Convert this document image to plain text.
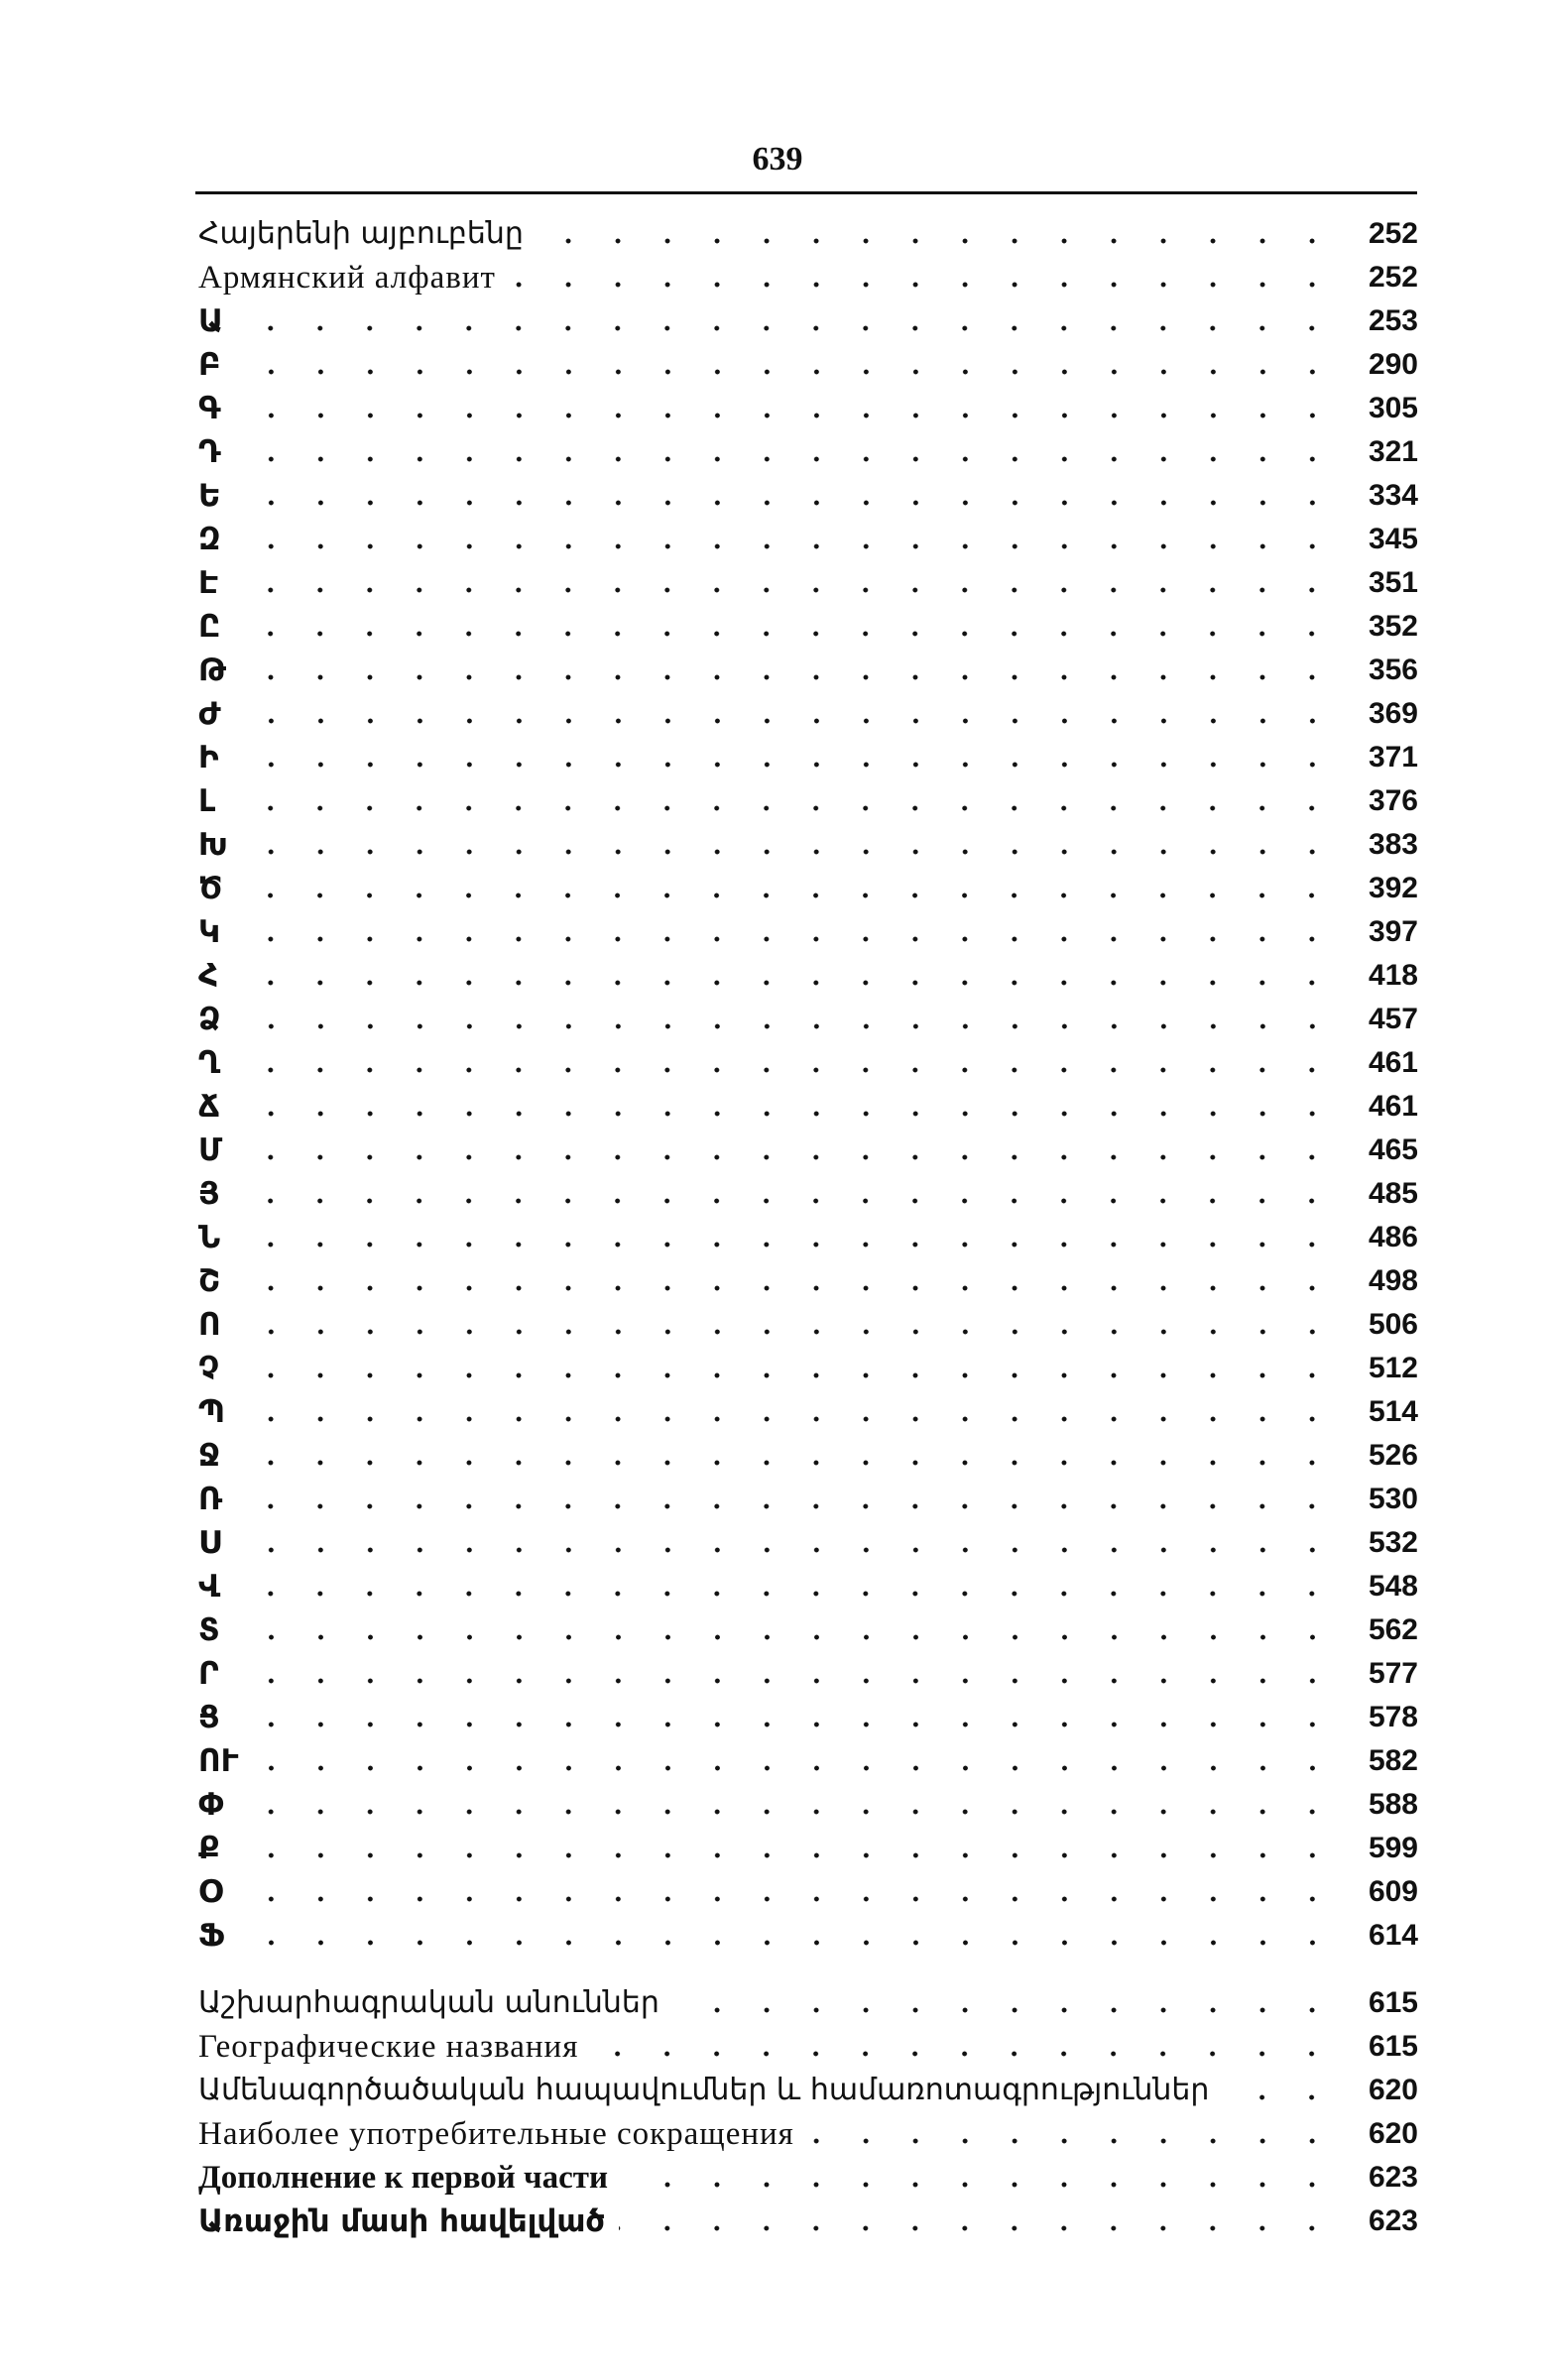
639
Հայերենի այբուբենը	252
Армянский алфавит	252
Ա	253
Բ	290
Գ	305
Դ	321
Ե	334
Զ	345
Է	351
Ը	352
Թ	356
Ժ	369
Ի	371
Լ	376
Խ	383
Ծ	392
Կ	397
Հ	418
Ձ	457
Ղ	461
Ճ	461
Մ	465
Յ	485
Ն	486
Շ	498
Ո	506
Չ	512
Պ	514
Ջ	526
Ռ	530
Ս	532
Վ	548
Տ	562
Ր	577
Ց	578
ՈՒ	582
Փ	588
Ք	599
Օ	609
Ֆ	614
Աշխարհագրական անուններ	615
Географические названия	615
Ամենագործածական հապավումներ և համառոտագրություններ	620
Наиболее употребительные сокращения	620
Дополнение к первой части	623
Առաջին մասի հավելված	623
